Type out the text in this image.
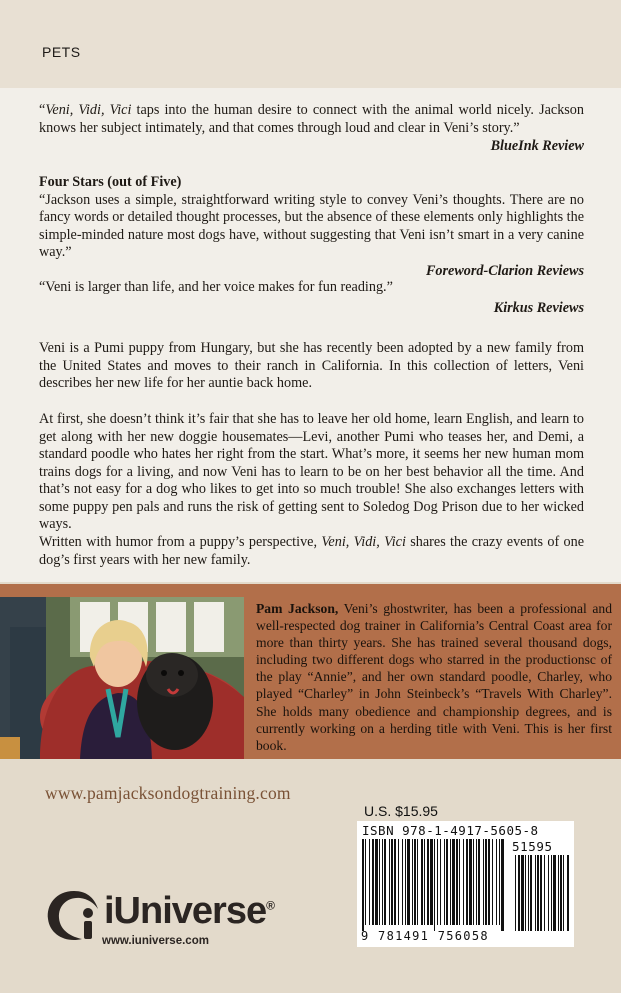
PETS

“Veni, Vidi, Vici taps into the human desire to connect with the animal world nicely. Jackson knows her subject intimately, and that comes through loud and clear in Veni’s story.”

BlueInk Review
Four Stars (out of Five)

“Jackson uses a simple, straightforward writing style to convey Veni’s thoughts. There are no fancy words or detailed thought processes, but the absence of these elements only highlights the simple-minded nature most dogs have, without suggesting that Veni isn’t smart in a very canine way.”

Foreword-Clarion Reviews

“Veni is larger than life, and her voice makes for fun reading.”

Kirkus Reviews

Veni is a Pumi puppy from Hungary, but she has recently been adopted by a new family from the United States and moves to their ranch in California. In this collection of letters, Veni describes her new life for her auntie back home.

At first, she doesn’t think it’s fair that she has to leave her old home, learn English, and learn to get along with her new doggie housemates—Levi, another Pumi who teases her, and Demi, a standard poodle who hates her right from the start. What’s more, it seems her new human mom trains dogs for a living, and now Veni has to learn to be on her best behavior all the time. And that’s not easy for a dog who likes to get into so much trouble! She also exchanges letters with some puppy pen pals and runs the risk of getting sent to Soledog Dog Prison due to her wicked ways.

Written with humor from a puppy’s perspective, Veni, Vidi, Vici shares the crazy events of one dog’s first years with her new family.

Pam Jackson, Veni’s ghostwriter, has been a professional and well-respected dog trainer in California’s Central Coast area for more than thirty years. She has trained several thousand dogs, including two different dogs who starred in the productionsc of the play “Annie”, and her own standard poodle, Charley, who played “Charley” in John Steinbeck’s “Travels With Charley”. She holds many obedience and championship degrees, and is currently working on a herding title with Veni. This is her first book.

www.pamjacksondogtraining.com
U.S. $15.95
ISBN 978-1-4917-5605-8
51595
9 781491 756058
iUniverse®
www.iuniverse.com
